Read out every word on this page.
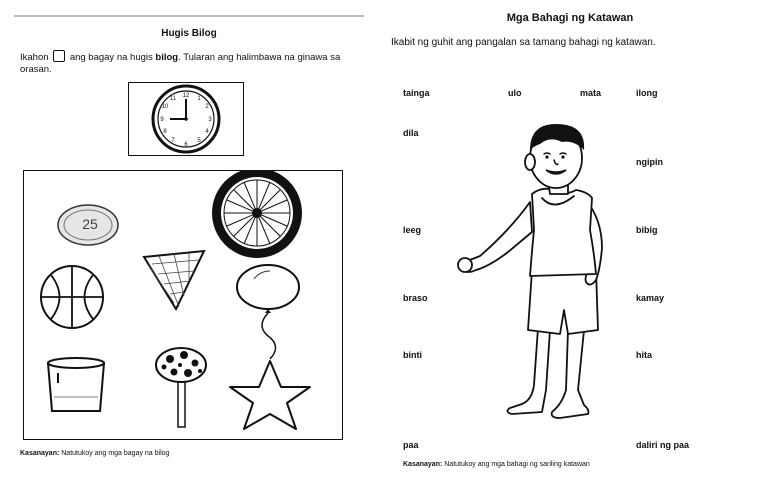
Hugis Bilog
Ikahon ang bagay na hugis bilog. Tularan ang halimbawa na ginawa sa orasan.
12 1
2
3
4
5
6
7
8
9
10
11
25
Kasanayan: Natutukoy ang mga bagay na bilog
Mga Bahagi ng Katawan
Ikabit ng guhit ang pangalan sa tamang bahagi ng katawan.
tainga	ulo	mata	ilong
dila
ngipin
leeg	bibig
braso	kamay
binti	hita
paa	daliri ng paa
Kasanayan: Natutukoy ang mga bahagi ng sariling katawan
